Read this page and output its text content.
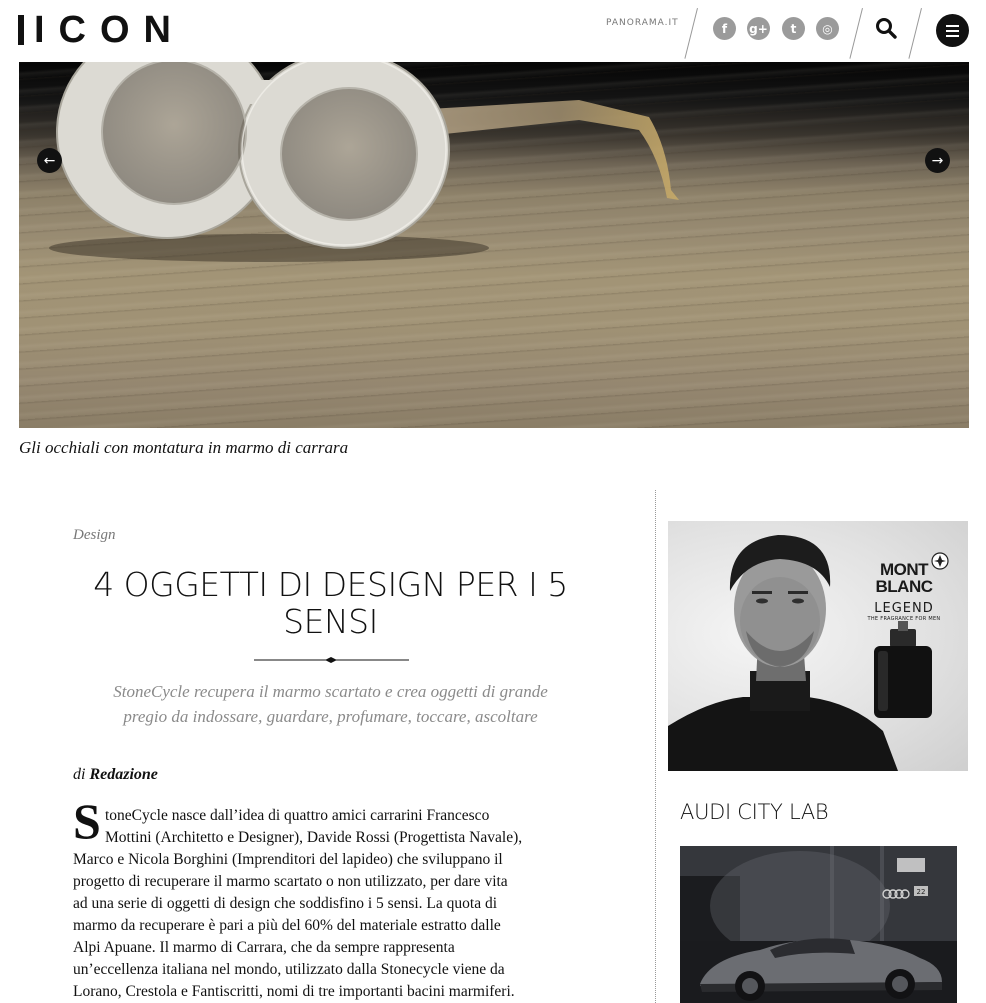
ICON	PANORAMA.IT	f	g+	t	◎
←	→

Gli occhiali con montatura in marmo di carrara

Design
4 OGGETTI DI DESIGN PER I 5
SENSI

StoneCycle recupera il marmo scartato e crea oggetti di grande
pregio da indossare, guardare, profumare, toccare, ascoltare

di Redazione

S toneCycle nasce dall’idea di quattro amici carrarini Francesco
Mottini (Architetto e Designer), Davide Rossi (Progettista Navale),
Marco e Nicola Borghini (Imprenditori del lapideo) che sviluppano il
progetto di recuperare il marmo scartato o non utilizzato, per dare vita
ad una serie di oggetti di design che soddisfino i 5 sensi. La quota di
marmo da recuperare è pari a più del 60% del materiale estratto dalle
Alpi Apuane. Il marmo di Carrara, che da sempre rappresenta
un’eccellenza italiana nel mondo, utilizzato dalla Stonecycle viene da
Lorano, Crestola e Fantiscritti, nomi di tre importanti bacini marmiferi.
MONT
BLANC
LEGEND
THE FRAGRANCE FOR MEN
AUDI CITY LAB
22
